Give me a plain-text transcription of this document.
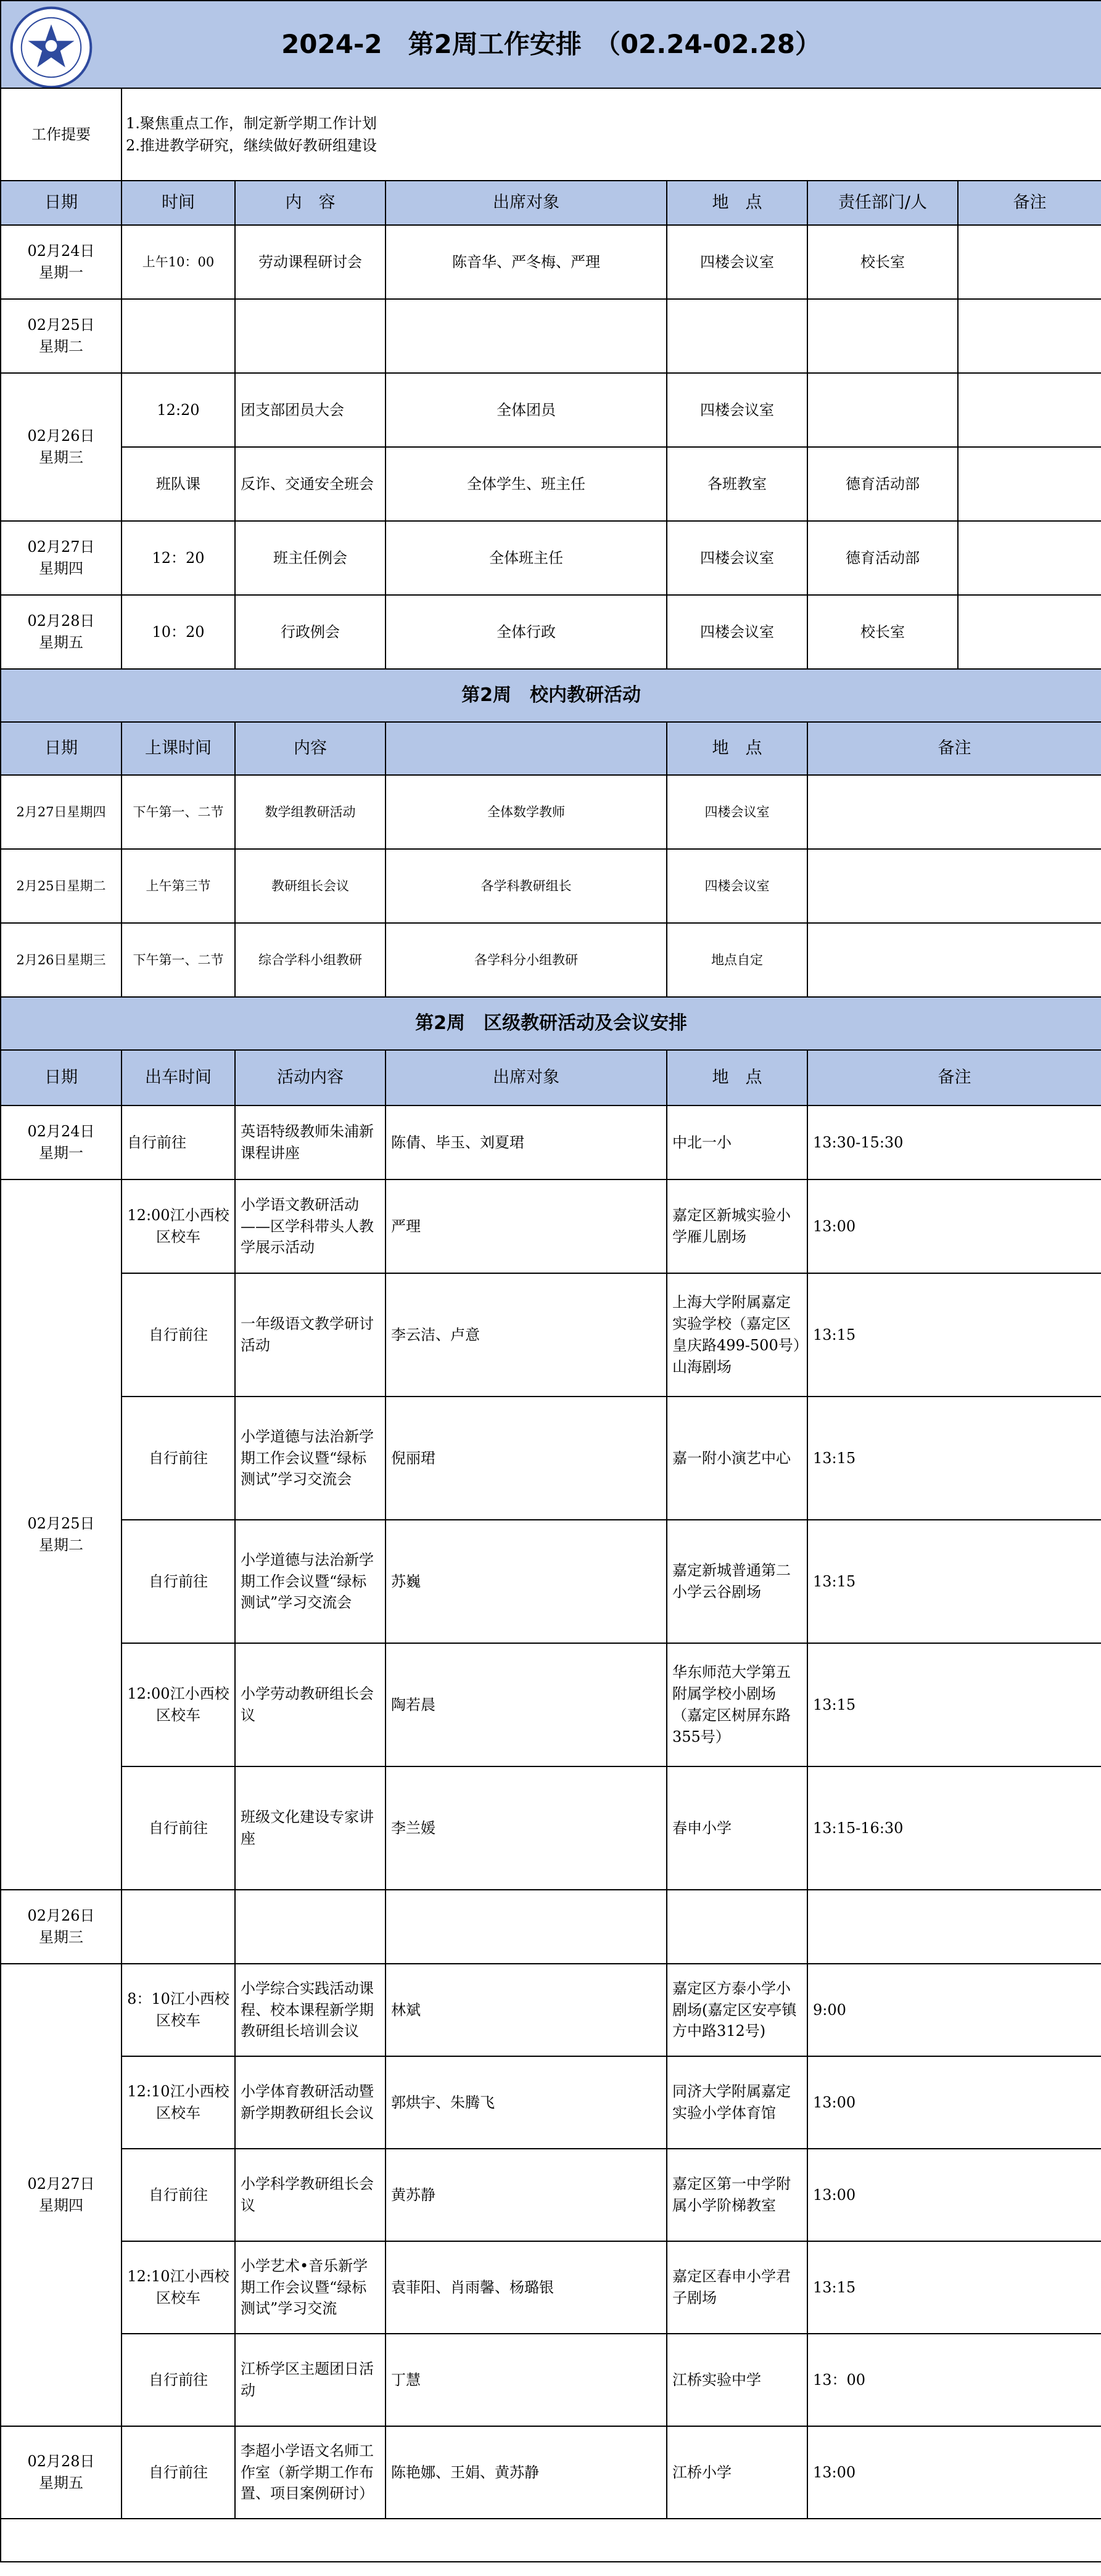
2024-2　第2周工作安排　（02.24-02.28）						

工作提要	1.聚焦重点工作，制定新学期工作计划
2.推进教学研究，继续做好教研组建设					

日期	时间	内　容	出席对象	地　点	责任部门/人	备注
02月24日
星期一	上午10：00	劳动课程研讨会	陈音华、严冬梅、严理	四楼会议室	校长室	
02月25日
星期二						
02月26日
星期三	12:20	团支部团员大会	全体团员	四楼会议室		
	班队课	反诈、交通安全班会	全体学生、班主任	各班教室	德育活动部	
02月27日
星期四	12：20	班主任例会	全体班主任	四楼会议室	德育活动部	
02月28日
星期五	10：20	行政例会	全体行政	四楼会议室	校长室	
第2周　校内教研活动						
日期	上课时间	内容		地　点	备注	
2月27日星期四	下午第一、二节	数学组教研活动	全体数学教师	四楼会议室		
2月25日星期二	上午第三节	教研组长会议	各学科教研组长	四楼会议室		
2月26日星期三	下午第一、二节	综合学科小组教研	各学科分小组教研	地点自定		
第2周　区级教研活动及会议安排						
日期	出车时间	活动内容	出席对象	地　点	备注	
02月24日
星期一	自行前往	英语特级教师朱浦新课程讲座	陈倩、毕玉、刘夏珺	中北一小	13:30-15:30	
02月25日
星期二	12:00江小西校区校车	小学语文教研活动——区学科带头人教学展示活动	严理	嘉定区新城实验小学雁儿剧场	13:00	
	自行前往	一年级语文教学研讨活动	李云洁、卢意	上海大学附属嘉定实验学校（嘉定区皇庆路499-500号）山海剧场	13:15	
	自行前往	小学道德与法治新学期工作会议暨“绿标测试”学习交流会	倪丽珺	嘉一附小演艺中心	13:15	
	自行前往	小学道德与法治新学期工作会议暨“绿标测试”学习交流会	苏巍	嘉定新城普通第二小学云谷剧场	13:15	
	12:00江小西校区校车	小学劳动教研组长会议	陶若晨	华东师范大学第五附属学校小剧场（嘉定区树屏东路355号）	13:15	
	自行前往	班级文化建设专家讲座	李兰媛	春申小学	13:15-16:30	
02月26日
星期三						
02月27日
星期四	8：10江小西校区校车	小学综合实践活动课程、校本课程新学期教研组长培训会议	林斌	嘉定区方泰小学小剧场(嘉定区安亭镇方中路312号)	9:00	
	12:10江小西校区校车	小学体育教研活动暨新学期教研组长会议	郭烘宇、朱腾飞	同济大学附属嘉定实验小学体育馆	13:00	
	自行前往	小学科学教研组长会议	黄苏静	嘉定区第一中学附属小学阶梯教室	13:00	
	12:10江小西校区校车	小学艺术•音乐新学期工作会议暨“绿标测试”学习交流	袁菲阳、肖雨馨、杨璐银	嘉定区春申小学君子剧场	13:15	
	自行前往	江桥学区主题团日活动	丁慧	江桥实验中学	13：00	
02月28日
星期五	自行前往	李超小学语文名师工作室（新学期工作布置、项目案例研讨）	陈艳娜、王娟、黄苏静	江桥小学	13:00	
